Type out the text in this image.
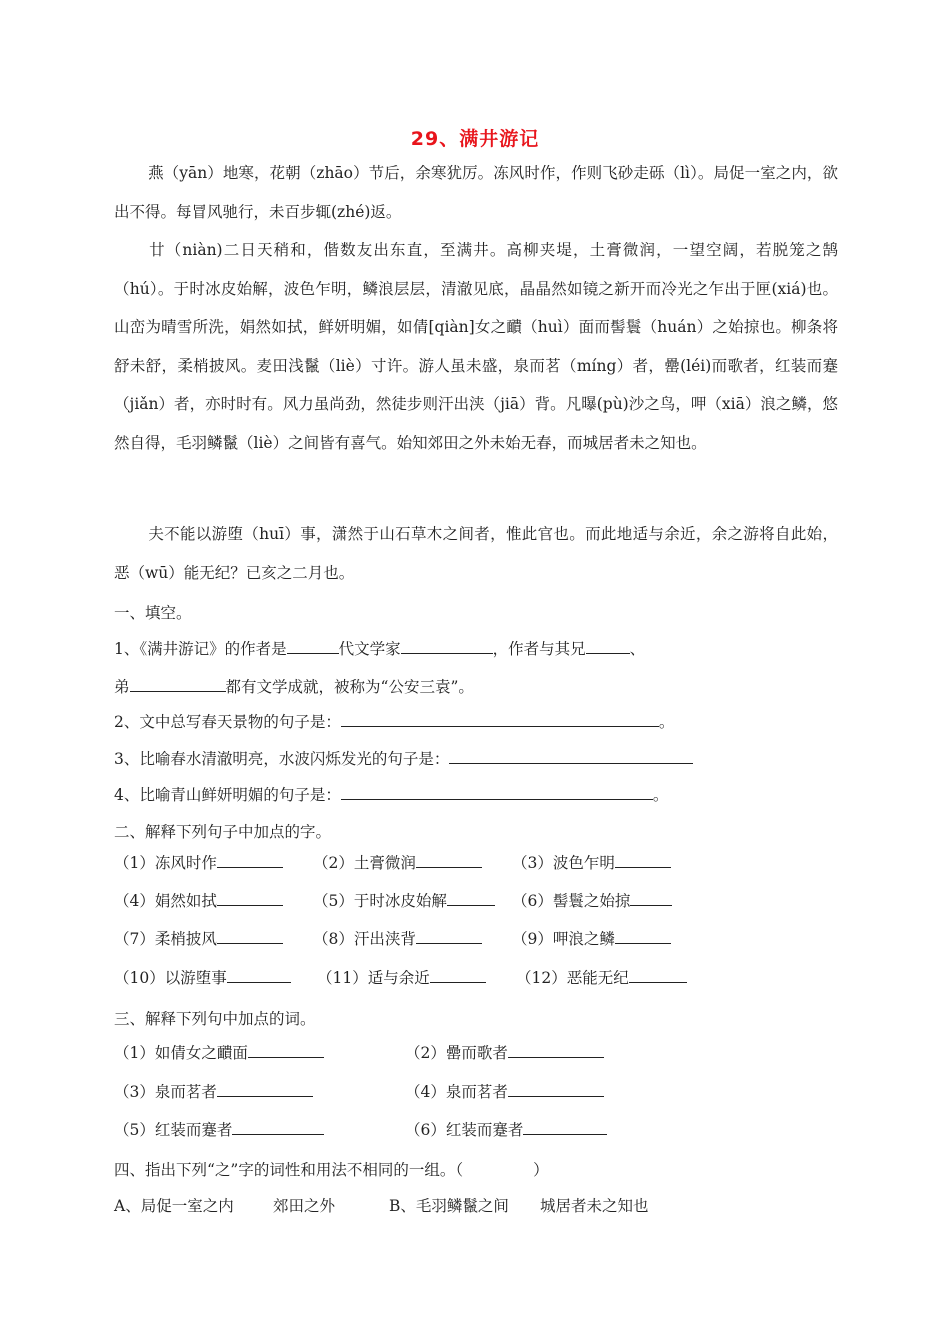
29、满井游记

燕（yān）地寒，花朝（zhāo）节后，余寒犹厉。冻风时作，作则飞砂走砾（lì）。局促一室之内，欲出不得。每冒风驰行，未百步辄(zhé)返。

廿（niàn)二日天稍和，偕数友出东直，至满井。高柳夹堤，土膏微润，一望空阔，若脱笼之鹄（hú）。于时冰皮始解，波色乍明，鳞浪层层，清澈见底，晶晶然如镜之新开而冷光之乍出于匣(xiá)也。山峦为晴雪所洗，娟然如拭，鲜妍明媚，如倩[qiàn]女之靧（huì）面而髻鬟（huán）之始掠也。柳条将舒未舒，柔梢披风。麦田浅鬣（liè）寸许。游人虽未盛，泉而茗（míng）者，罍(léi)而歌者，红装而蹇（jiǎn）者，亦时时有。风力虽尚劲，然徒步则汗出浃（jiā）背。凡曝(pù)沙之鸟，呷（xiā）浪之鳞，悠然自得，毛羽鳞鬣（liè）之间皆有喜气。始知郊田之外未始无春，而城居者未之知也。

夫不能以游堕（huī）事，潇然于山石草木之间者，惟此官也。而此地适与余近，余之游将自此始，恶（wū）能无纪？已亥之二月也。

一、填空。
1、《满井游记》的作者是	代文学家	，作者与其兄	、
弟	都有文学成就，被称为“公安三袁”。
2、文中总写春天景物的句子是：	。
3、比喻春水清澈明亮，水波闪烁发光的句子是：
4、比喻青山鲜妍明媚的句子是：	。
二、解释下列句子中加点的字。
（1）冻风时作	（2）土膏微润	（3）波色乍明
（4）娟然如拭	（5）于时冰皮始解	（6）髻鬟之始掠
（7）柔梢披风	（8）汗出浃背	（9）呷浪之鳞
（10）以游堕事	（11）适与余近	（12）恶能无纪
三、解释下列句中加点的词。
（1）如倩女之靧面	（2）罍而歌者
（3）泉而茗者	（4）泉而茗者
（5）红装而蹇者	（6）红装而蹇者
四、指出下列“之”字的词性和用法不相同的一组。（	）
A、局促一室之内	郊田之外	B、毛羽鳞鬣之间 城居者未之知也
